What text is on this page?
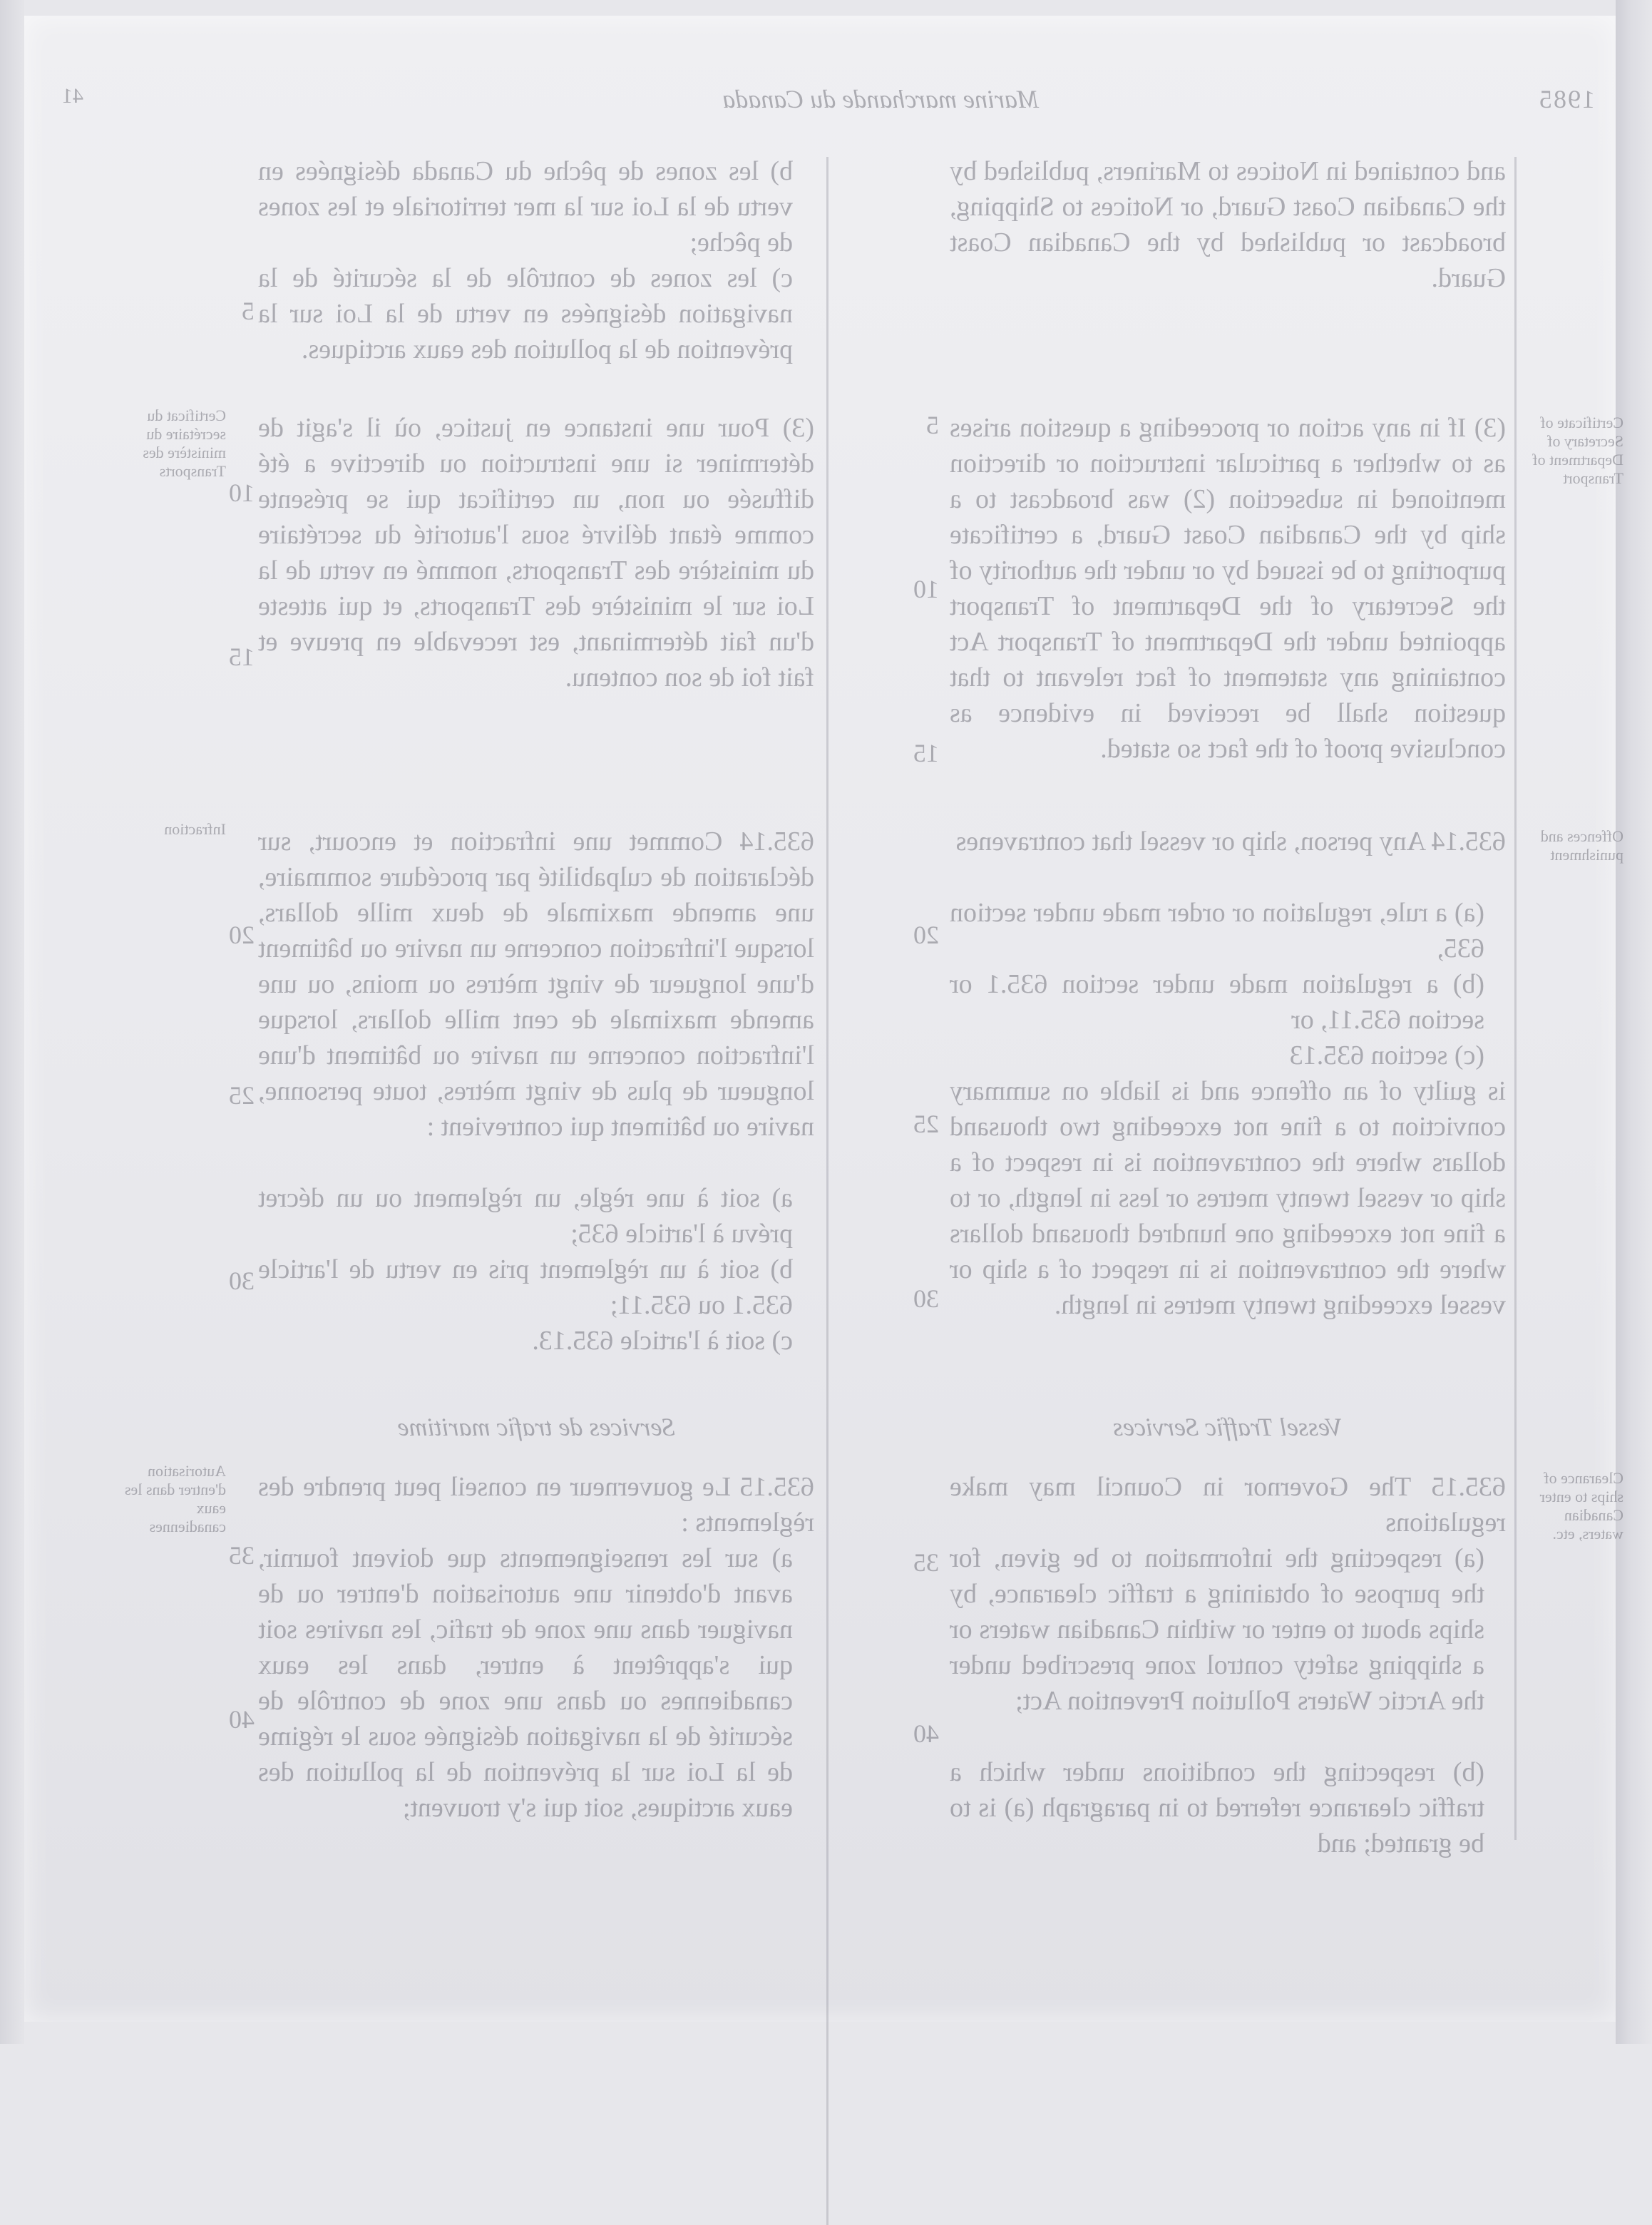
1985
Marine marchande du Canada
41
and contained in Notices to Mariners, published by the Canadian Coast Guard, or Notices to Shipping, broadcast or published by the Canadian Coast Guard.
(3) If in any action or proceeding a question arises as to whether a particular instruction or direction mentioned in subsection (2) was broadcast to a ship by the Canadian Coast Guard, a certificate purporting to be issued by or under the authority of the Secretary of the Department of Transport appointed under the Department of Transport Act containing any statement of fact relevant to that question shall be received in evidence as conclusive proof of the fact so stated.
635.14 Any person, ship or vessel that contravenes
(a) a rule, regulation or order made under section 635,
(b) a regulation made under section 635.1 or section 635.11, or
(c) section 635.13
is guilty of an offence and is liable on summary conviction to a fine not exceeding two thousand dollars where the contravention is in respect of a ship or vessel twenty metres or less in length, or to a fine not exceeding one hundred thousand dollars where the contravention is in respect of a ship or vessel exceeding twenty metres in length.
Vessel Traffic Services
635.15 The Governor in Council may make regulations
(a) respecting the information to be given, for the purpose of obtaining a traffic clearance, by ships about to enter or within Canadian waters or a shipping safety control zone prescribed under the Arctic Waters Pollution Prevention Act;
(b) respecting the conditions under which a traffic clearance referred to in paragraph (a) is to be granted; and
Certificate of Secretary of Department of Transport
Offences and punishment
Clearance of ships to enter Canadian waters, etc.
b) les zones de pêche du Canada désignées en vertu de la Loi sur la mer territoriale et les zones de pêche;
c) les zones de contrôle de la sécurité de la navigation désignées en vertu de la Loi sur la prévention de la pollution des eaux arctiques.
(3) Pour une instance en justice, où il s'agit de déterminer si une instruction ou directive a été diffusée ou non, un certificat qui se présente comme étant délivré sous l'autorité du secrétaire du ministère des Transports, nommé en vertu de la Loi sur le ministère des Transports, et qui atteste d'un fait déterminant, est recevable en preuve et fait foi de son contenu.
635.14 Commet une infraction et encourt, sur déclaration de culpabilité par procédure sommaire, une amende maximale de deux mille dollars, lorsque l'infraction concerne un navire ou bâtiment d'une longueur de vingt mètres ou moins, ou une amende maximale de cent mille dollars, lorsque l'infraction concerne un navire ou bâtiment d'une longueur de plus de vingt mètres, toute personne, navire ou bâtiment qui contrevient :
a) soit à une règle, un règlement ou un décret prévu à l'article 635;
b) soit à un règlement pris en vertu de l'article 635.1 ou 635.11;
c) soit à l'article 635.13.
Services de trafic maritime
635.15 Le gouverneur en conseil peut prendre des règlements :
a) sur les renseignements que doivent fournir, avant d'obtenir une autorisation d'entrer ou de naviguer dans une zone de trafic, les navires soit qui s'apprêtent à entrer, dans les eaux canadiennes ou dans une zone de contrôle de sécurité de la navigation désignée sous le régime de la Loi sur la prévention de la pollution des eaux arctiques, soit qui s'y trouvent;
Certificat du secrétaire du ministère des Transports
Infraction
Autorisation d'entrer dans les eaux canadiennes
5
10
15
20
25
30
35
40
5
10
15
20
25
30
35
40
